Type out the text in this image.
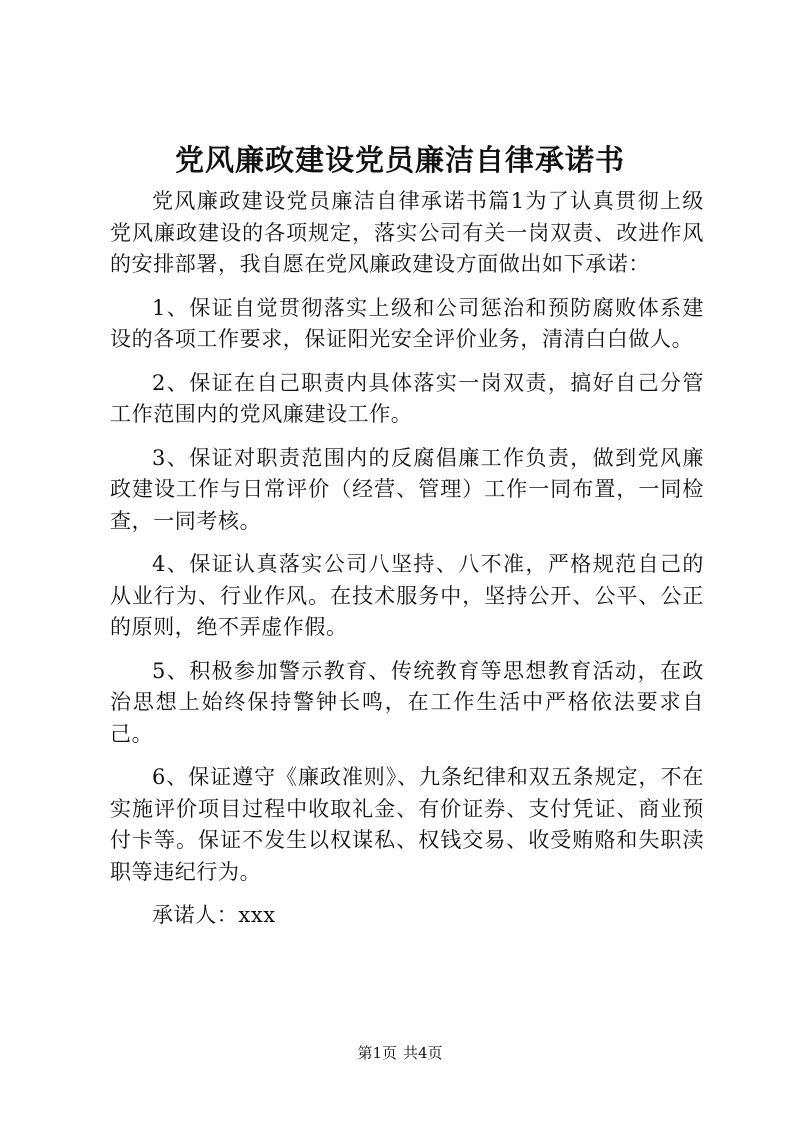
党风廉政建设党员廉洁自律承诺书

党风廉政建设党员廉洁自律承诺书篇1为了认真贯彻上级党风廉政建设的各项规定，落实公司有关一岗双责、改进作风的安排部署，我自愿在党风廉政建设方面做出如下承诺：

1、保证自觉贯彻落实上级和公司惩治和预防腐败体系建设的各项工作要求，保证阳光安全评价业务，清清白白做人。

2、保证在自己职责内具体落实一岗双责，搞好自己分管工作范围内的党风廉建设工作。

3、保证对职责范围内的反腐倡廉工作负责，做到党风廉政建设工作与日常评价（经营、管理）工作一同布置，一同检查，一同考核。

4、保证认真落实公司八坚持、八不准，严格规范自己的从业行为、行业作风。在技术服务中，坚持公开、公平、公正的原则，绝不弄虚作假。

5、积极参加警示教育、传统教育等思想教育活动，在政治思想上始终保持警钟长鸣，在工作生活中严格依法要求自己。

6、保证遵守《廉政准则》、九条纪律和双五条规定，不在实施评价项目过程中收取礼金、有价证券、支付凭证、商业预付卡等。保证不发生以权谋私、权钱交易、收受贿赂和失职渎职等违纪行为。

承诺人：xxx

第1页 共4页
